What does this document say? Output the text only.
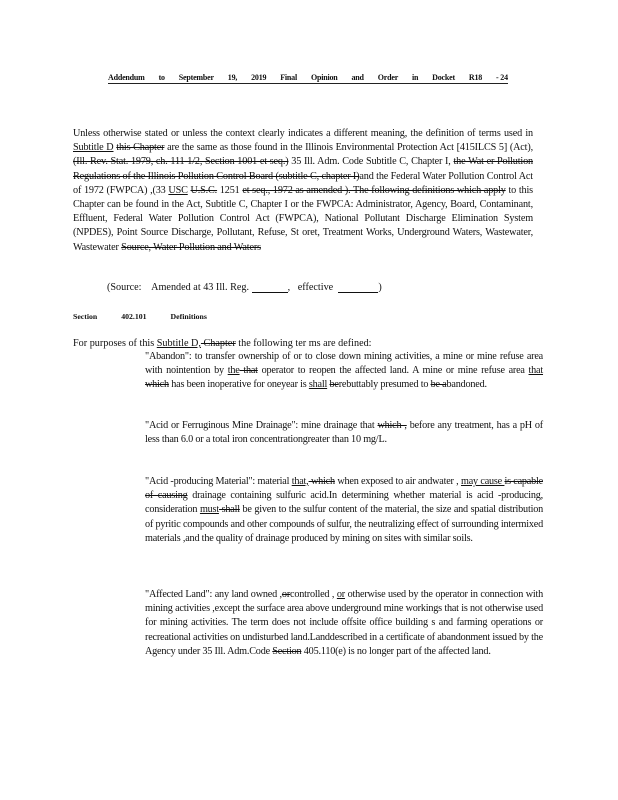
Addendum to September 19, 2019 Final Opinion and Order in Docket R18 - 24
Unless otherwise stated or unless the context clearly indicates a different meaning, the definition of terms used in Subtitle D this Chapter are the same as those found in the Illinois Environmental Protection Act [415ILCS 5] (Act), (Ill. Rev. Stat. 1979, ch. 111 1/2, Section 1001 et seq.) 35 Ill. Adm. Code Subtitle C, Chapter I, the Wat er Pollution Regulations of the Illinois Pollution Control Board (subtitle C, chapter I)and the Federal Water Pollution Control Act of 1972 (FWPCA) ,(33 USC U.S.C. 1251 et seq., 1972 as amended ). The following definitions which apply to this Chapter can be found in the Act, Subtitle C, Chapter I or the FWPCA: Administrator, Agency, Board, Contaminant, Effluent, Federal Water Pollution Control Act (FWPCA), National Pollutant Discharge Elimination System (NPDES), Point Source Discharge, Pollutant, Refuse, St oret, Treatment Works, Underground Waters, Wastewater, Wastewater Source, Water Pollution and Waters
(Source: Amended at 43 Ill. Reg.	, effective	)
Section	402.101	Definitions
For purposes of this Subtitle D, Chapter the following ter ms are defined:
"Abandon": to transfer ownership of or to close down mining activities, a mine or mine refuse area with nointention by the that operator to reopen the affected land. A mine or mine refuse area that which has been inoperative for oneyear is shall berebuttably presumed to be abandoned.
"Acid or Ferruginous Mine Drainage": mine drainage that which , before any treatment, has a pH of less than 6.0 or a total iron concentrationgreater than 10 mg/L.
"Acid -producing Material": material that, which when exposed to air andwater , may cause is capable of causing drainage containing sulfuric acid.In determining whether material is acid -producing, consideration must shall be given to the sulfur content of the material, the size and spatial distribution of pyritic compounds and other compounds of sulfur, the neutralizing effect of surrounding intermixed materials ,and the quality of drainage produced by mining on sites with similar soils.
"Affected Land": any land owned ,orcontrolled , or otherwise used by the operator in connection with mining activities ,except the surface area above underground mine workings that is not otherwise used for mining activities. The term does not include offsite office building s and farming operations or recreational activities on undisturbed land.Landdescribed in a certificate of abandonment issued by the Agency under 35 Ill. Adm.Code Section 405.110(e) is no longer part of the affected land.
